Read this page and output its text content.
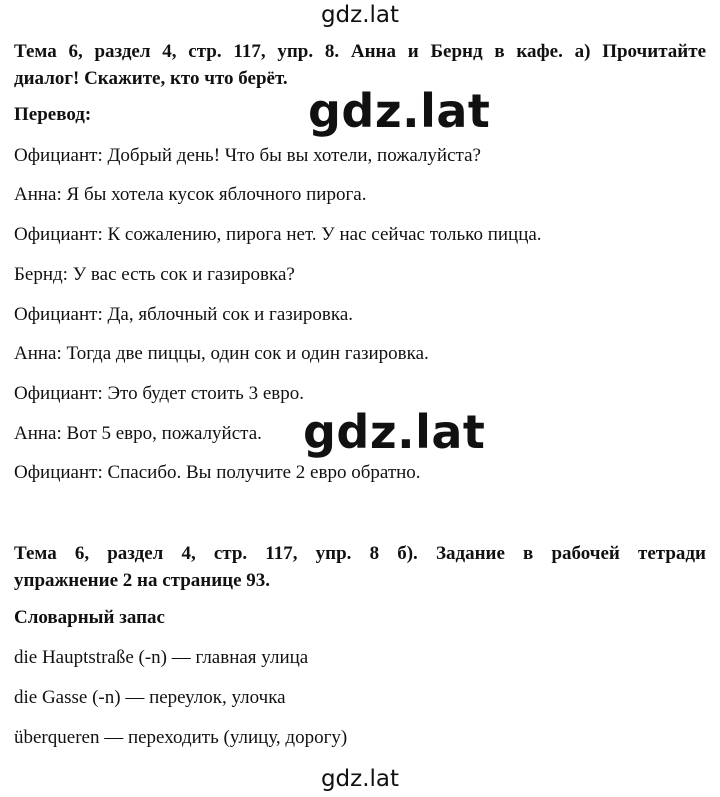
gdz.lat
gdz.lat
gdz.lat
gdz.lat
Тема 6, раздел 4, стр. 117, упр. 8. Анна и Бернд в кафе. а) Прочитайте
диалог! Скажите, кто что берёт.
Перевод:
Официант: Добрый день! Что бы вы хотели, пожалуйста?
Анна: Я бы хотела кусок яблочного пирога.
Официант: К сожалению, пирога нет. У нас сейчас только пицца.
Бернд: У вас есть сок и газировка?
Официант: Да, яблочный сок и газировка.
Анна: Тогда две пиццы, один сок и один газировка.
Официант: Это будет стоить 3 евро.
Анна: Вот 5 евро, пожалуйста.
Официант: Спасибо. Вы получите 2 евро обратно.
Тема 6, раздел 4, стр. 117, упр. 8 б). Задание в рабочей тетради
упражнение 2 на странице 93.
Словарный запас
die Hauptstraße (-n) — главная улица
die Gasse (-n) — переулок, улочка
überqueren — переходить (улицу, дорогу)
